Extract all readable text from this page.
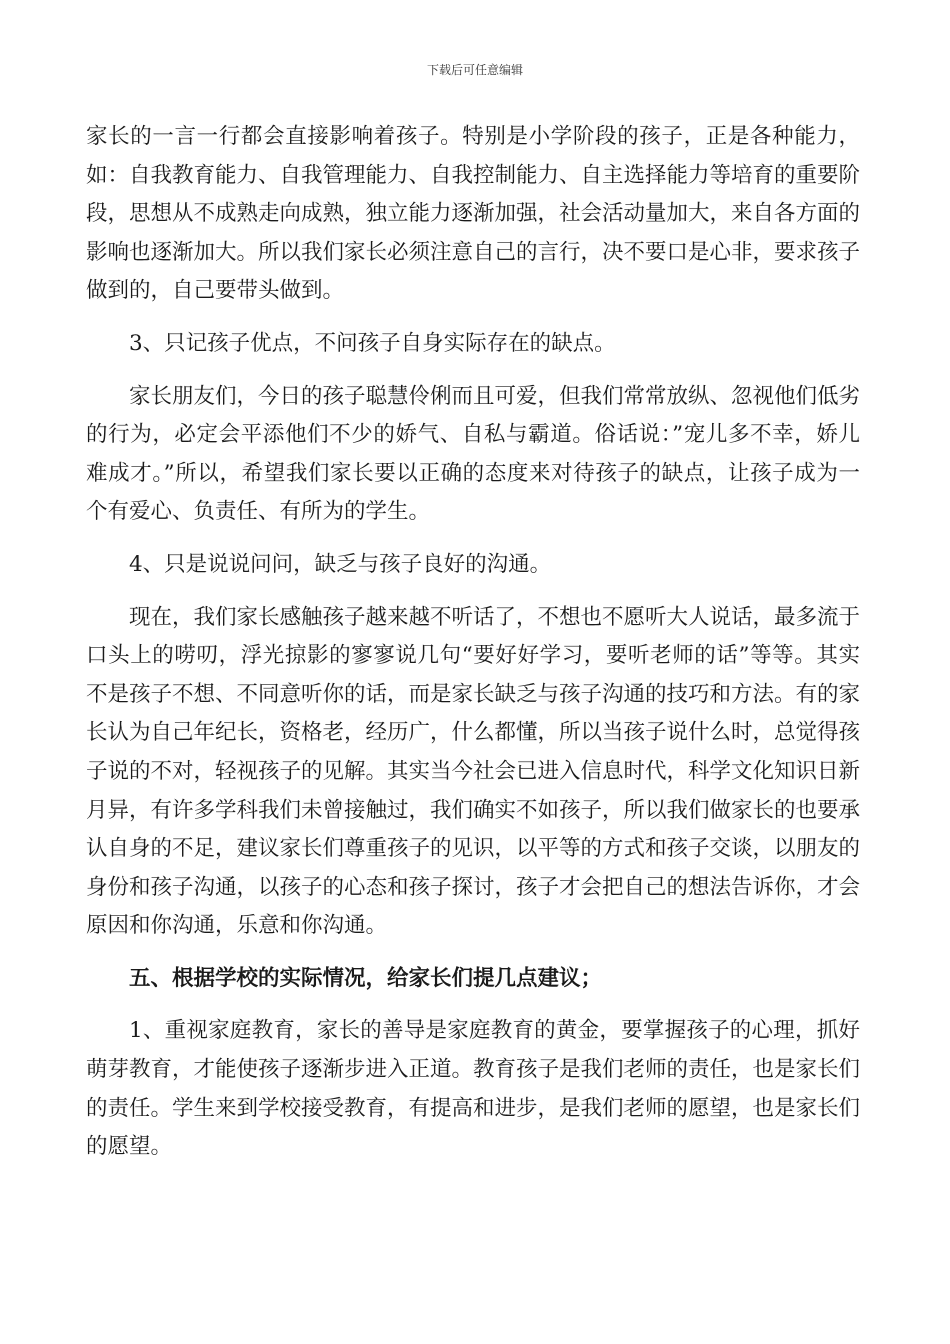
下载后可任意编辑

家长的一言一行都会直接影响着孩子。特别是小学阶段的孩子，正是各种能力，如：自我教育能力、自我管理能力、自我控制能力、自主选择能力等培育的重要阶段，思想从不成熟走向成熟，独立能力逐渐加强，社会活动量加大，来自各方面的影响也逐渐加大。所以我们家长必须注意自己的言行，决不要口是心非，要求孩子做到的，自己要带头做到。

3、只记孩子优点，不问孩子自身实际存在的缺点。

家长朋友们，今日的孩子聪慧伶俐而且可爱，但我们常常放纵、忽视他们低劣的行为，必定会平添他们不少的娇气、自私与霸道。俗话说：”宠儿多不幸，娇儿难成才。”所以，希望我们家长要以正确的态度来对待孩子的缺点，让孩子成为一个有爱心、负责任、有所为的学生。

4、只是说说问问，缺乏与孩子良好的沟通。

现在，我们家长感触孩子越来越不听话了，不想也不愿听大人说话，最多流于口头上的唠叨，浮光掠影的寥寥说几句“要好好学习，要听老师的话”等等。其实不是孩子不想、不同意听你的话，而是家长缺乏与孩子沟通的技巧和方法。有的家长认为自己年纪长，资格老，经历广，什么都懂，所以当孩子说什么时，总觉得孩子说的不对，轻视孩子的见解。其实当今社会已进入信息时代，科学文化知识日新月异，有许多学科我们未曾接触过，我们确实不如孩子，所以我们做家长的也要承认自身的不足，建议家长们尊重孩子的见识，以平等的方式和孩子交谈，以朋友的身份和孩子沟通，以孩子的心态和孩子探讨，孩子才会把自己的想法告诉你，才会原因和你沟通，乐意和你沟通。

五、根据学校的实际情况，给家长们提几点建议；

1、重视家庭教育，家长的善导是家庭教育的黄金，要掌握孩子的心理，抓好萌芽教育，才能使孩子逐渐步进入正道。教育孩子是我们老师的责任，也是家长们的责任。学生来到学校接受教育，有提高和进步，是我们老师的愿望，也是家长们的愿望。
